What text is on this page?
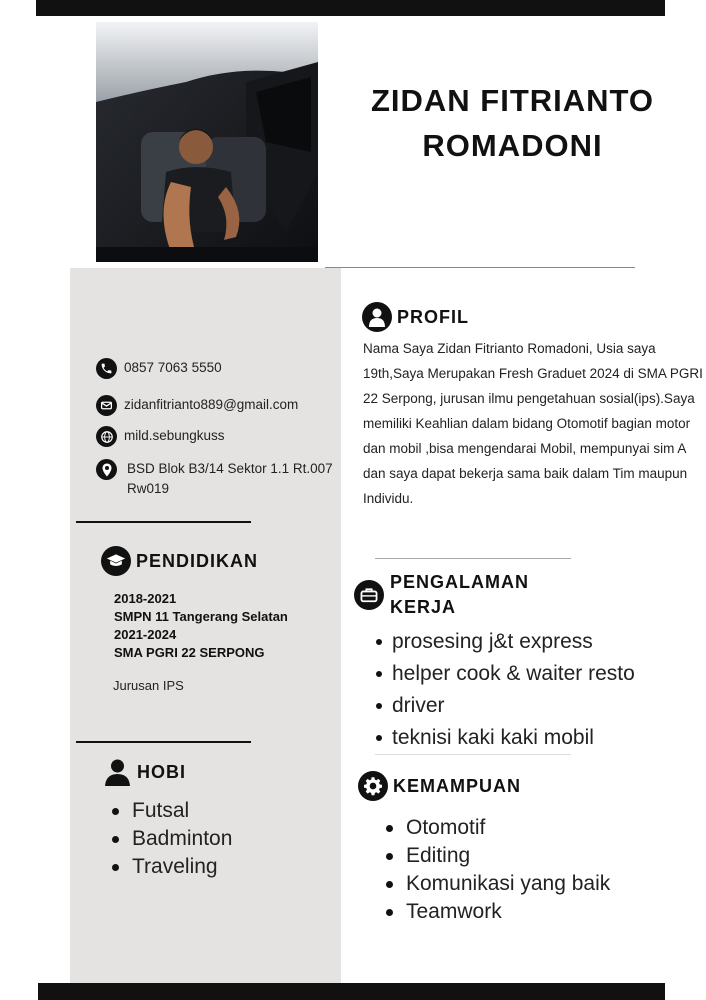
ZIDAN FITRIANTO
ROMADONI
0857 7063 5550
zidanfitrianto889@gmail.com
mild.sebungkuss
BSD Blok B3/14 Sektor 1.1 Rt.007
Rw019
PENDIDIKAN
2018-2021
SMPN 11 Tangerang Selatan
2021-2024
SMA PGRI 22 SERPONG
Jurusan IPS
HOBI
Futsal
Badminton
Traveling
PROFIL
Nama Saya Zidan Fitrianto Romadoni, Usia saya 19th,Saya Merupakan Fresh Graduet 2024 di SMA PGRI 22 Serpong, jurusan ilmu pengetahuan sosial(ips).Saya memiliki Keahlian dalam bidang Otomotif bagian motor dan mobil ,bisa mengendarai Mobil, mempunyai sim A dan saya dapat bekerja sama baik dalam Tim maupun Individu.
PENGALAMAN
KERJA
prosesing j&t express
helper cook & waiter resto
driver
teknisi kaki kaki mobil
KEMAMPUAN
Otomotif
Editing
Komunikasi yang baik
Teamwork
